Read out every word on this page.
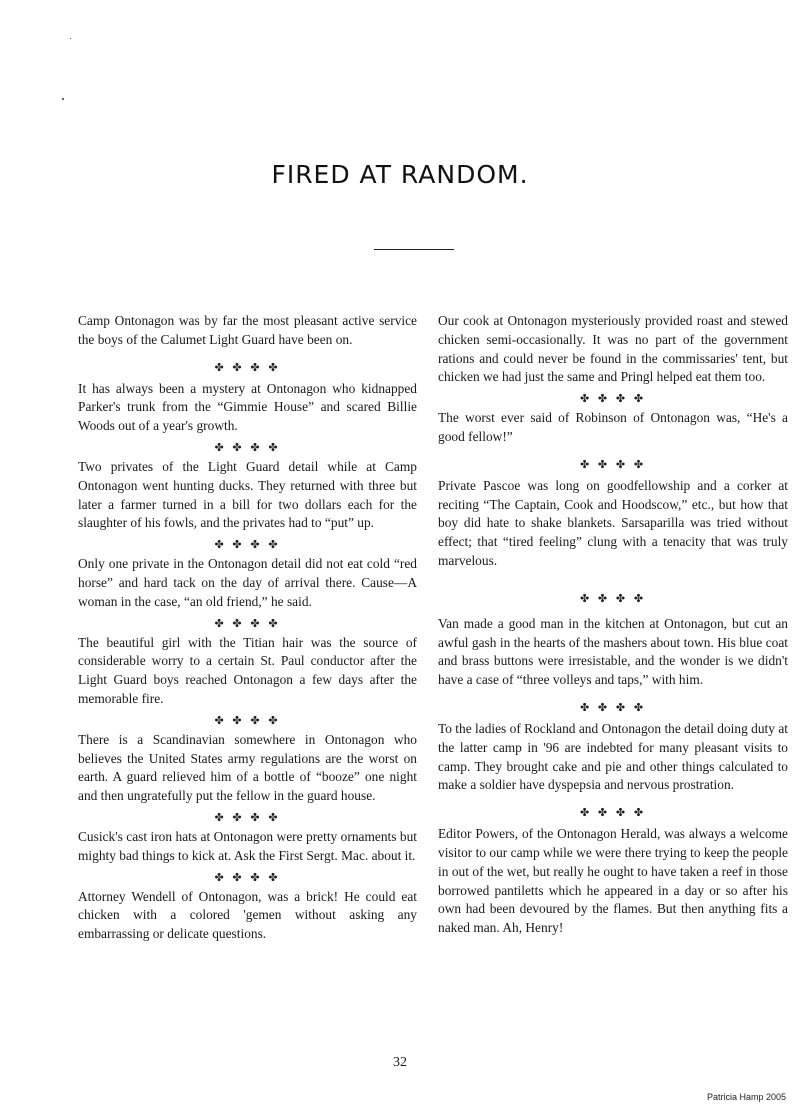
FIRED AT RANDOM.

Camp Ontonagon was by far the most pleasant active service the boys of the Calumet Light Guard have been on.

✤ ✤ ✤ ✤

It has always been a mystery at Ontonagon who kidnapped Parker's trunk from the “Gimmie House” and scared Billie Woods out of a year's growth.

✤ ✤ ✤ ✤

Two privates of the Light Guard detail while at Camp Ontonagon went hunting ducks. They returned with three but later a farmer turned in a bill for two dollars each for the slaughter of his fowls, and the privates had to “put” up.

✤ ✤ ✤ ✤

Only one private in the Ontonagon detail did not eat cold “red horse” and hard tack on the day of arrival there. Cause—A woman in the case, “an old friend,” he said.

✤ ✤ ✤ ✤

The beautiful girl with the Titian hair was the source of considerable worry to a certain St. Paul conductor after the Light Guard boys reached Ontonagon a few days after the memorable fire.

✤ ✤ ✤ ✤

There is a Scandinavian somewhere in Ontonagon who believes the United States army regulations are the worst on earth. A guard relieved him of a bottle of “booze” one night and then ungratefully put the fellow in the guard house.

✤ ✤ ✤ ✤

Cusick's cast iron hats at Ontonagon were pretty ornaments but mighty bad things to kick at. Ask the First Sergt. Mac. about it.

✤ ✤ ✤ ✤

Attorney Wendell of Ontonagon, was a brick! He could eat chicken with a colored 'gemen without asking any embarrassing or delicate questions.

Our cook at Ontonagon mysteriously provided roast and stewed chicken semi-occasionally. It was no part of the government rations and could never be found in the commissaries' tent, but chicken we had just the same and Pringl helped eat them too.

✤ ✤ ✤ ✤

The worst ever said of Robinson of Ontonagon was, “He's a good fellow!”

✤ ✤ ✤ ✤

Private Pascoe was long on goodfellowship and a corker at reciting “The Captain, Cook and Hoodscow,” etc., but how that boy did hate to shake blankets. Sarsaparilla was tried without effect; that “tired feeling” clung with a tenacity that was truly marvelous.

✤ ✤ ✤ ✤

Van made a good man in the kitchen at Ontonagon, but cut an awful gash in the hearts of the mashers about town. His blue coat and brass buttons were irresistable, and the wonder is we didn't have a case of “three volleys and taps,” with him.

✤ ✤ ✤ ✤

To the ladies of Rockland and Ontonagon the detail doing duty at the latter camp in '96 are indebted for many pleasant visits to camp. They brought cake and pie and other things calculated to make a soldier have dyspepsia and nervous prostration.

✤ ✤ ✤ ✤

Editor Powers, of the Ontonagon Herald, was always a welcome visitor to our camp while we were there trying to keep the people in out of the wet, but really he ought to have taken a reef in those borrowed pantiletts which he appeared in a day or so after his own had been devoured by the flames. But then anything fits a naked man. Ah, Henry!

32
Patricia Hamp 2005
